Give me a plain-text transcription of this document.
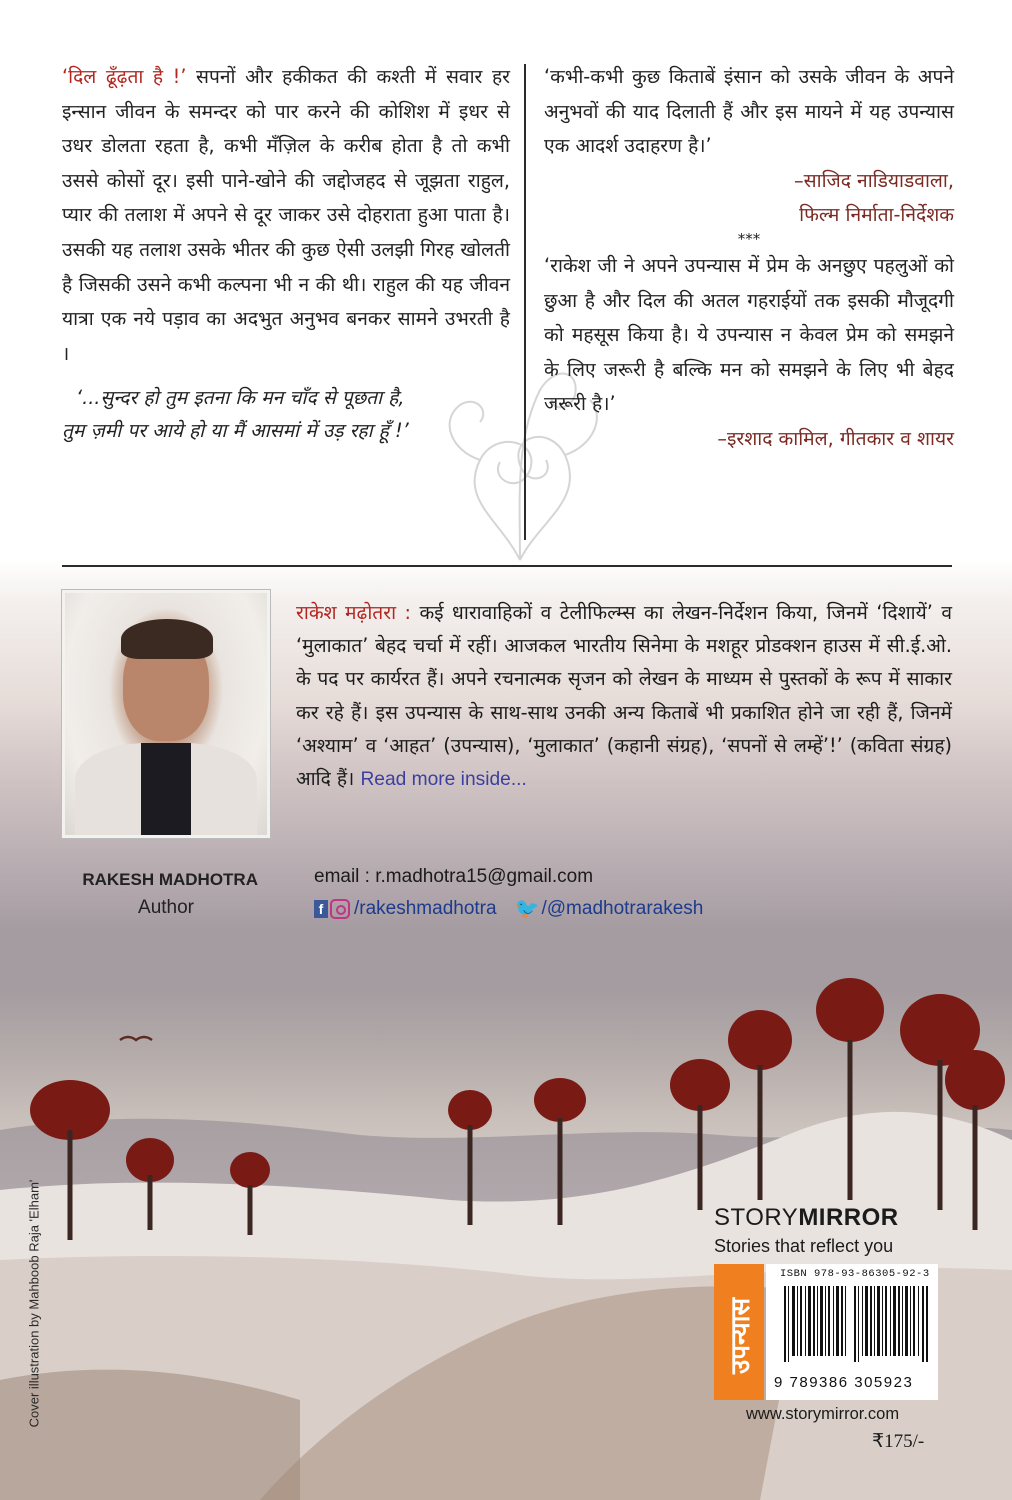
‘दिल ढूँढ़ता है !’ सपनों और हकीकत की कश्ती में सवार हर इन्सान जीवन के समन्दर को पार करने की कोशिश में इधर से उधर डोलता रहता है, कभी मँज़िल के करीब होता है तो कभी उससे कोसों दूर। इसी पाने-खोने की जद्दोजहद से जूझता राहुल, प्यार की तलाश में अपने से दूर जाकर उसे दोहराता हुआ पाता है। उसकी यह तलाश उसके भीतर की कुछ ऐसी उलझी गिरह खोलती है जिसकी उसने कभी कल्पना भी न की थी। राहुल की यह जीवन यात्रा एक नये पड़ाव का अदभुत अनुभव बनकर सामने उभरती है ।

‘...सुन्दर हो तुम इतना कि मन चाँद से पूछता है,
तुम ज़मी पर आये हो या मैं आसमां में उड़ रहा हूँ !’

‘कभी-कभी कुछ किताबें इंसान को उसके जीवन के अपने अनुभवों की याद दिलाती हैं और इस मायने में यह उपन्यास एक आदर्श उदाहरण है।’

–साजिद नाडियाडवाला,

फिल्म निर्माता-निर्देशक

***

‘राकेश जी ने अपने उपन्यास में प्रेम के अनछुए पहलुओं को छुआ है और दिल की अतल गहराईयों तक इसकी मौजूदगी को महसूस किया है। ये उपन्यास न केवल प्रेम को समझने के लिए जरूरी है बल्कि मन को समझने के लिए भी बेहद जरूरी है।’

–इरशाद कामिल, गीतकार व शायर

RAKESH MADHOTRA
Author
राकेश मढ़ोतरा : कई धारावाहिकों व टेलीफिल्म्स का लेखन-निर्देशन किया, जिनमें ‘दिशायें’ व ‘मुलाकात’ बेहद चर्चा में रहीं। आजकल भारतीय सिनेमा के मशहूर प्रोडक्शन हाउस में सी.ई.ओ. के पद पर कार्यरत हैं। अपने रचनात्मक सृजन को लेखन के माध्यम से पुस्तकों के रूप में साकार कर रहे हैं। इस उपन्यास के साथ-साथ उनकी अन्य किताबें भी प्रकाशित होने जा रही हैं, जिनमें ‘अश्याम’ व ‘आहत’ (उपन्यास), ‘मुलाकात’ (कहानी संग्रह), ‘सपनों से लम्हें’!’ (कविता संग्रह) आदि हैं। Read more inside...
email : r.madhotra15@gmail.com
f /rakeshmadhotra 🐦 /@madhotrarakesh
Cover illustration by Mahboob Raja 'Elham'	STORYMIRROR
Stories that reflect you
उपन्यास
ISBN 978-93-86305-92-3
9 789386 305923
www.storymirror.com
₹175/-
